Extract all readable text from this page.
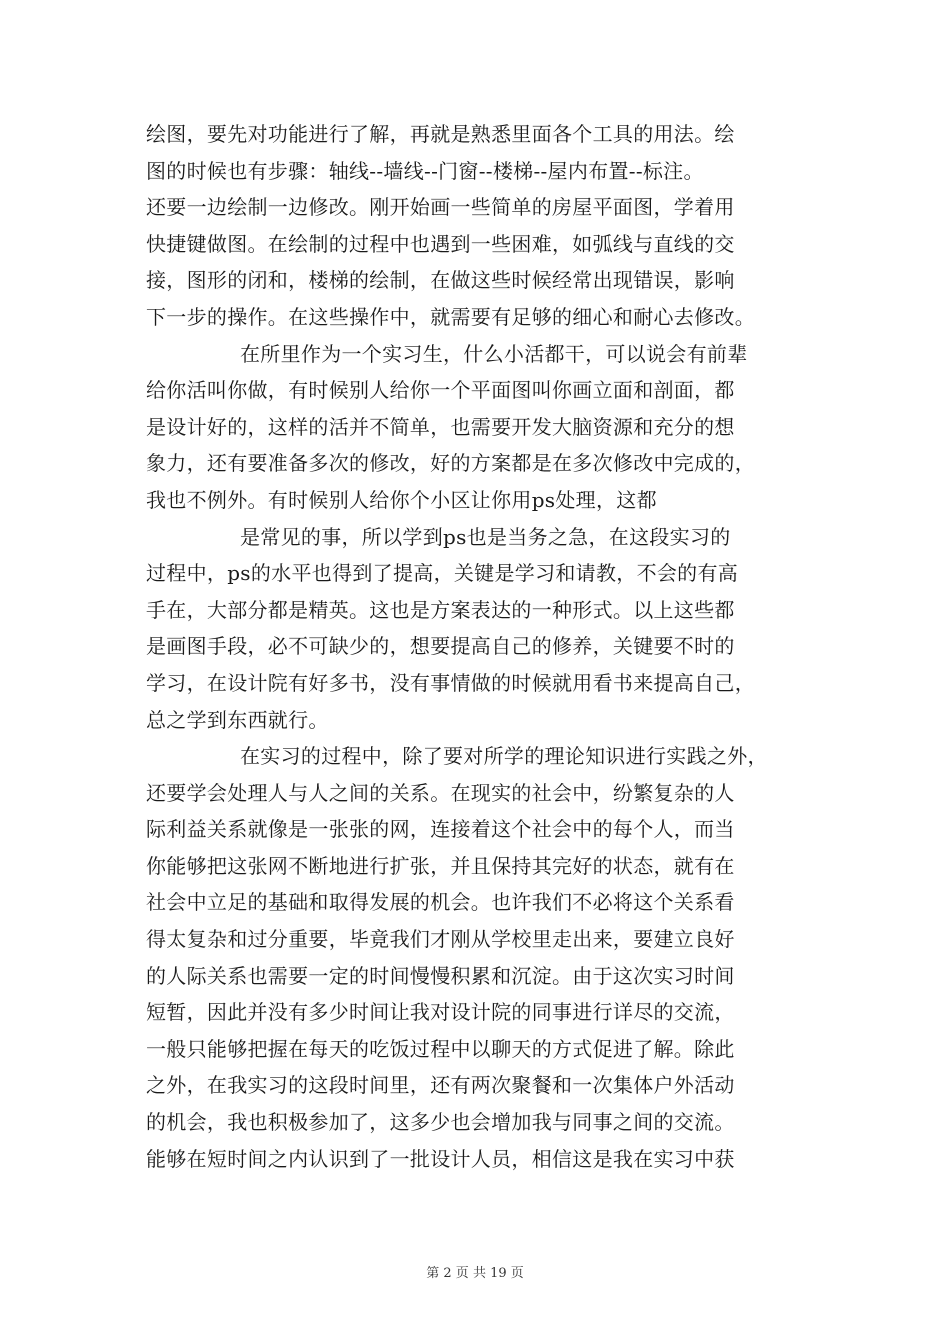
绘图，要先对功能进行了解，再就是熟悉里面各个工具的用法。绘
图的时候也有步骤：轴线--墙线--门窗--楼梯--屋内布置--标注。
还要一边绘制一边修改。刚开始画一些简单的房屋平面图，学着用
快捷键做图。在绘制的过程中也遇到一些困难，如弧线与直线的交
接，图形的闭和，楼梯的绘制，在做这些时候经常出现错误，影响
下一步的操作。在这些操作中，就需要有足够的细心和耐心去修改。
在所里作为一个实习生，什么小活都干，可以说会有前辈
给你活叫你做，有时候别人给你一个平面图叫你画立面和剖面，都
是设计好的，这样的活并不简单，也需要开发大脑资源和充分的想
象力，还有要准备多次的修改，好的方案都是在多次修改中完成的，
我也不例外。有时候别人给你个小区让你用ps处理，这都
是常见的事，所以学到ps也是当务之急，在这段实习的
过程中，ps的水平也得到了提高，关键是学习和请教，不会的有高
手在，大部分都是精英。这也是方案表达的一种形式。以上这些都
是画图手段，必不可缺少的，想要提高自己的修养，关键要不时的
学习，在设计院有好多书，没有事情做的时候就用看书来提高自己，
总之学到东西就行。
在实习的过程中，除了要对所学的理论知识进行实践之外，
还要学会处理人与人之间的关系。在现实的社会中，纷繁复杂的人
际利益关系就像是一张张的网，连接着这个社会中的每个人，而当
你能够把这张网不断地进行扩张，并且保持其完好的状态，就有在
社会中立足的基础和取得发展的机会。也许我们不必将这个关系看
得太复杂和过分重要，毕竟我们才刚从学校里走出来，要建立良好
的人际关系也需要一定的时间慢慢积累和沉淀。由于这次实习时间
短暂，因此并没有多少时间让我对设计院的同事进行详尽的交流，
一般只能够把握在每天的吃饭过程中以聊天的方式促进了解。除此
之外，在我实习的这段时间里，还有两次聚餐和一次集体户外活动
的机会，我也积极参加了，这多少也会增加我与同事之间的交流。
能够在短时间之内认识到了一批设计人员，相信这是我在实习中获
第 2 页 共 19 页
